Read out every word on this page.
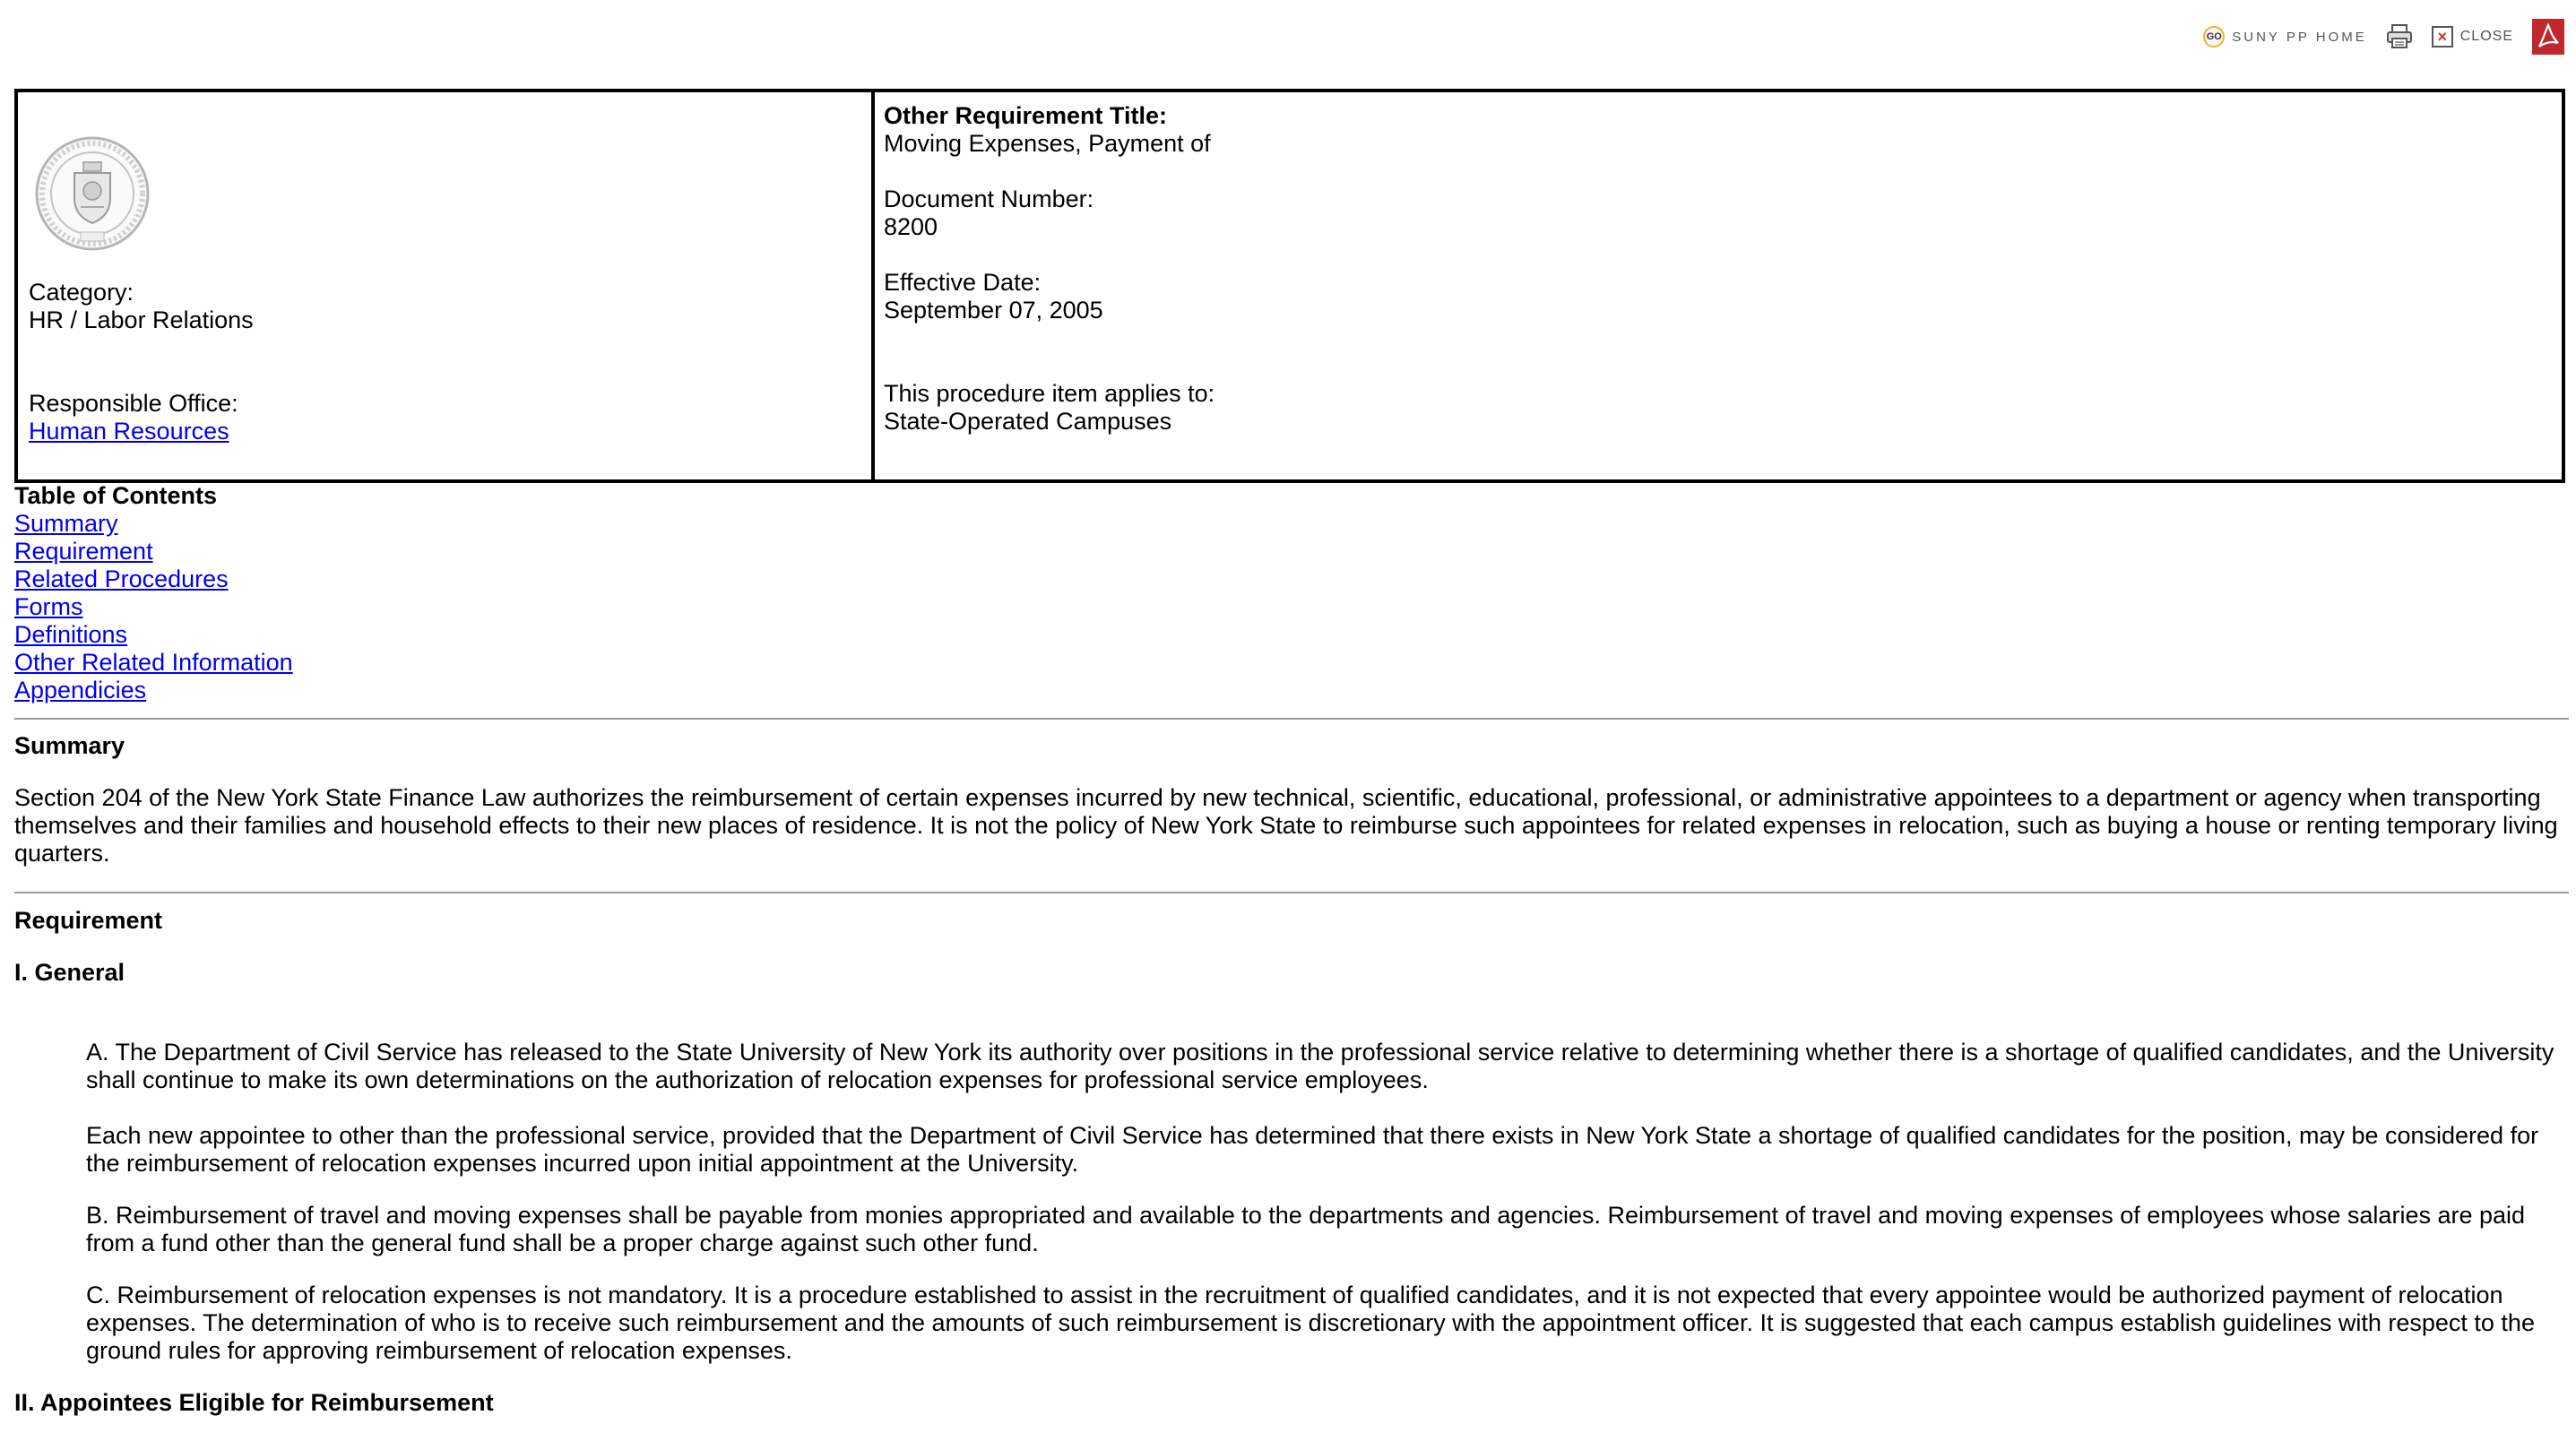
GO SUNY PP HOME	× CLOSE
Category:
HR / Labor Relations
Responsible Office:
Human Resources
Other Requirement Title:
Moving Expenses, Payment of
Document Number:
8200
Effective Date:
September 07, 2005
This procedure item applies to:
State-Operated Campuses
Table of Contents
Summary
Requirement
Related Procedures
Forms
Definitions
Other Related Information
Appendicies
Summary

Section 204 of the New York State Finance Law authorizes the reimbursement of certain expenses incurred by new technical, scientific, educational, professional, or administrative appointees to a department or agency when transporting themselves and their families and household effects to their new places of residence. It is not the policy of New York State to reimburse such appointees for related expenses in relocation, such as buying a house or renting temporary living quarters.

Requirement
I. General

A. The Department of Civil Service has released to the State University of New York its authority over positions in the professional service relative to determining whether there is a shortage of qualified candidates, and the University shall continue to make its own determinations on the authorization of relocation expenses for professional service employees.

Each new appointee to other than the professional service, provided that the Department of Civil Service has determined that there exists in New York State a shortage of qualified candidates for the position, may be considered for the reimbursement of relocation expenses incurred upon initial appointment at the University.

B. Reimbursement of travel and moving expenses shall be payable from monies appropriated and available to the departments and agencies. Reimbursement of travel and moving expenses of employees whose salaries are paid from a fund other than the general fund shall be a proper charge against such other fund.

C. Reimbursement of relocation expenses is not mandatory. It is a procedure established to assist in the recruitment of qualified candidates, and it is not expected that every appointee would be authorized payment of relocation expenses. The determination of who is to receive such reimbursement and the amounts of such reimbursement is discretionary with the appointment officer. It is suggested that each campus establish guidelines with respect to the ground rules for approving reimbursement of relocation expenses.

II. Appointees Eligible for Reimbursement
